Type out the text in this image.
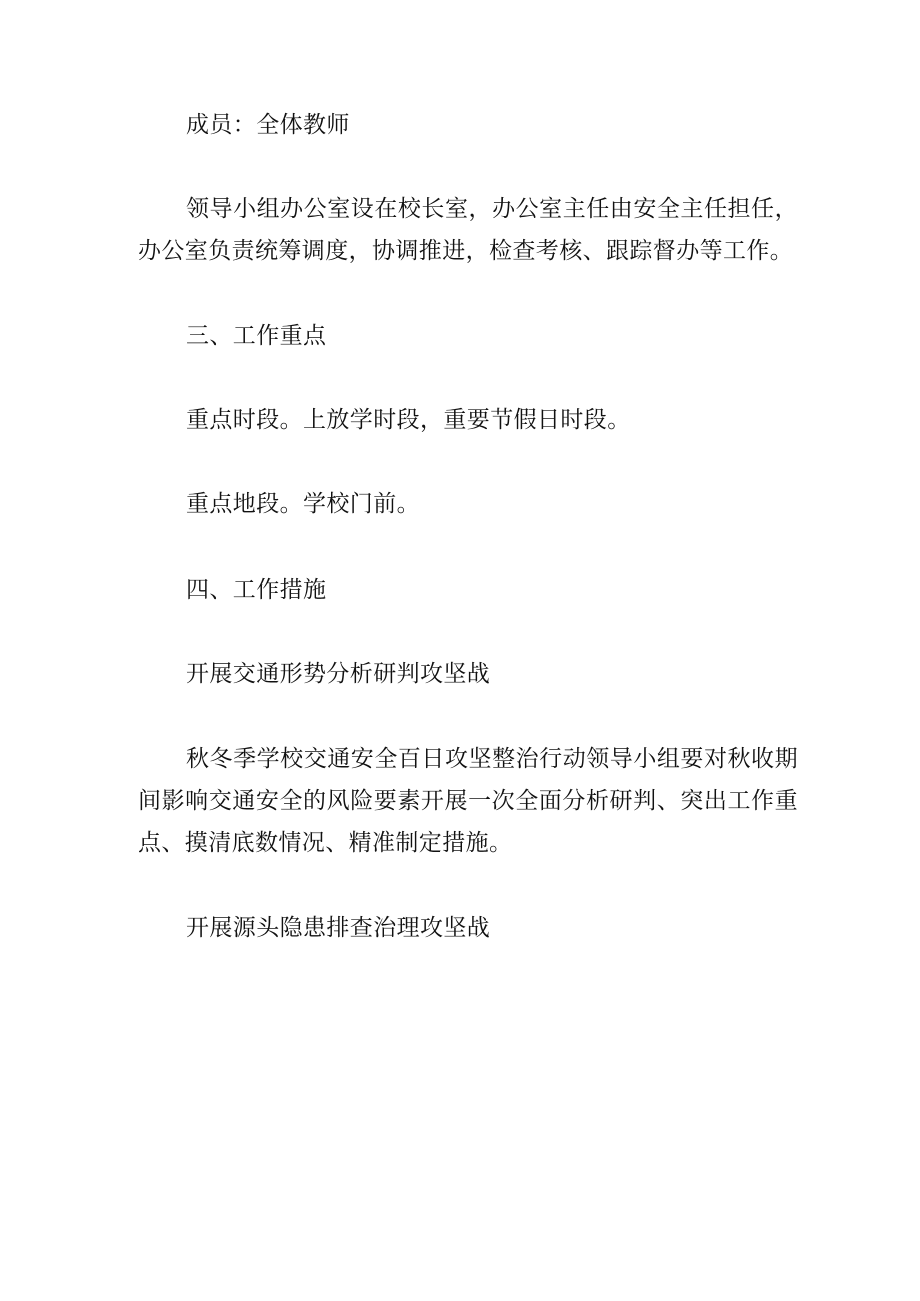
成员：全体教师

领导小组办公室设在校长室，办公室主任由安全主任担任，办公室负责统筹调度，协调推进，检查考核、跟踪督办等工作。

三、工作重点

重点时段。上放学时段，重要节假日时段。

重点地段。学校门前。

四、工作措施

开展交通形势分析研判攻坚战

秋冬季学校交通安全百日攻坚整治行动领导小组要对秋收期间影响交通安全的风险要素开展一次全面分析研判、突出工作重点、摸清底数情况、精准制定措施。

开展源头隐患排查治理攻坚战
